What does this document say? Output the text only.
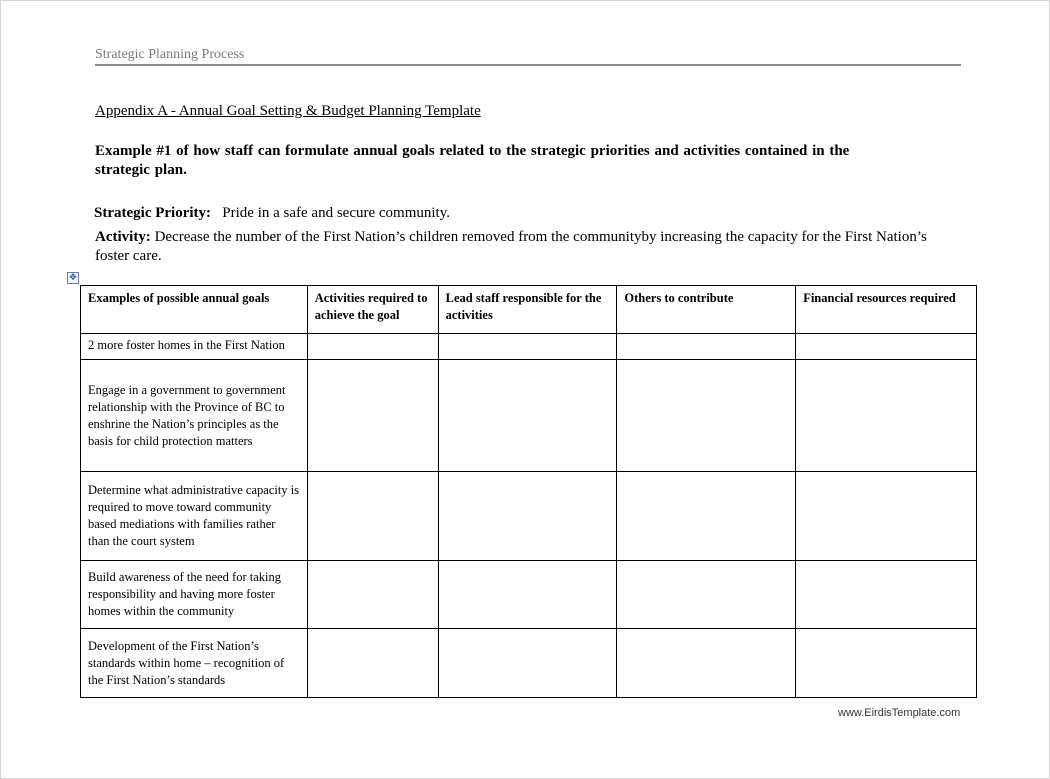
Strategic Planning Process
Appendix A - Annual Goal Setting & Budget Planning Template
Example #1 of how staff can formulate annual goals related to the strategic priorities and activities contained in the strategic plan.
Strategic Priority: Pride in a safe and secure community.
Activity: Decrease the number of the First Nation’s children removed from the communityby increasing the capacity for the First Nation’s foster care.
✥
Examples of possible annual goals	Activities required to achieve the goal	Lead staff responsible for the activities	Others to contribute	Financial resources required
2 more foster homes in the First Nation				
Engage in a government to government relationship with the Province of BC to enshrine the Nation’s principles as the basis for child protection matters				
Determine what administrative capacity is required to move toward community based mediations with families rather than the court system				
Build awareness of the need for taking responsibility and having more foster homes within the community				
Development of the First Nation’s standards within home – recognition of the First Nation’s standards				
www.EirdisTemplate.com
